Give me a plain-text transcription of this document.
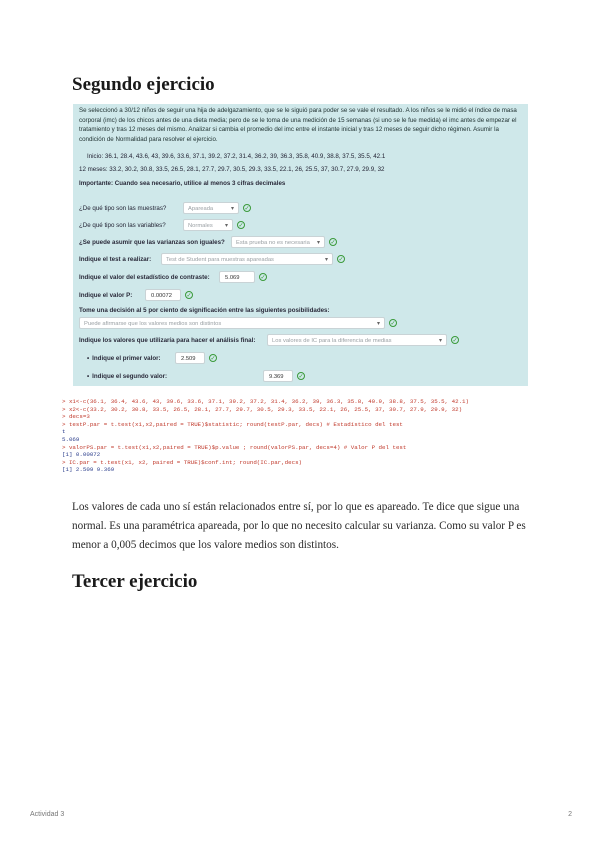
Segundo ejercicio
Se seleccionó a 30/12 niños de seguir una hija de adelgazamiento, que se le siguió para poder se se vale el resultado. A los niños se le midió el índice de masa corporal (imc) de los chicos antes de una dieta media; pero de se le toma de una medición de 15 semanas (si uno se le fue medida) el imc antes de empezar el tratamiento y tras 12 meses del mismo. Analizar si cambia el promedio del imc entre el instante inicial y tras 12 meses de seguir dicho régimen. Asumir la condición de Normalidad para resolver el ejercicio.
Inicio: 36.1, 28.4, 43.6, 43, 39.6, 33.6, 37.1, 39.2, 37.2, 31.4, 36.2, 39, 36.3, 35.8, 40.9, 38.8, 37.5, 35.5, 42.1
12 meses: 33.2, 30.2, 30.8, 33.5, 26.5, 28.1, 27.7, 29.7, 30.5, 29.3, 33.5, 22.1, 26, 25.5, 37, 30.7, 27.9, 29.9, 32
Importante: Cuando sea necesario, utilice al menos 3 cifras decimales
¿De qué tipo son las muestras?	Apareada	▾ ✓
¿De qué tipo son las variables?	Normales ▾ ✓
¿Se puede asumir que las varianzas son iguales?	Esta prueba no es necesaria ▾ ✓
Indique el test a realizar:	Test de Student para muestras apareadas	▾ ✓
Indique el valor del estadístico de contraste:	5.069	✓
Indique el valor P:	0.00072	✓
Tome una decisión al 5 por ciento de significación entre las siguientes posibilidades:
Puede afirmarse que los valores medios son distintos	▾ ✓
Indique los valores que utilizaría para hacer el análisis final:	Los valores de IC para la diferencia de medias	▾ ✓
• Indique el primer valor:	2.509	✓
• Indique el segundo valor:	9.369	✓
> x1<-c(36.1, 36.4, 43.6, 43, 39.6, 33.6, 37.1, 39.2, 37.2, 31.4, 36.2, 39, 36.3, 35.8, 40.9, 38.8, 37.5, 35.5, 42.1)
> x2<-c(33.2, 30.2, 30.8, 33.5, 26.5, 28.1, 27.7, 29.7, 30.5, 29.3, 33.5, 22.1, 26, 25.5, 37, 30.7, 27.9, 29.9, 32)
> decs=3
> testP.par = t.test(x1,x2,paired = TRUE)$statistic; round(testP.par, decs) # Estadístico del test
t
5.069
> valorPS.par = t.test(x1,x2,paired = TRUE)$p.value ; round(valorPS.par, decs=4) # Valor P del test
[1] 0.00072
> IC.par = t.test(x1, x2, paired = TRUE)$conf.int; round(IC.par,decs)
[1] 2.509 9.369
Los valores de cada uno sí están relacionados entre sí, por lo que es apareado. Te dice que sigue una normal. Es una paramétrica apareada, por lo que no necesito calcular su varianza. Como su valor P es menor a 0,005 decimos que los valore medios son distintos.
Tercer ejercicio
Actividad 3	2
